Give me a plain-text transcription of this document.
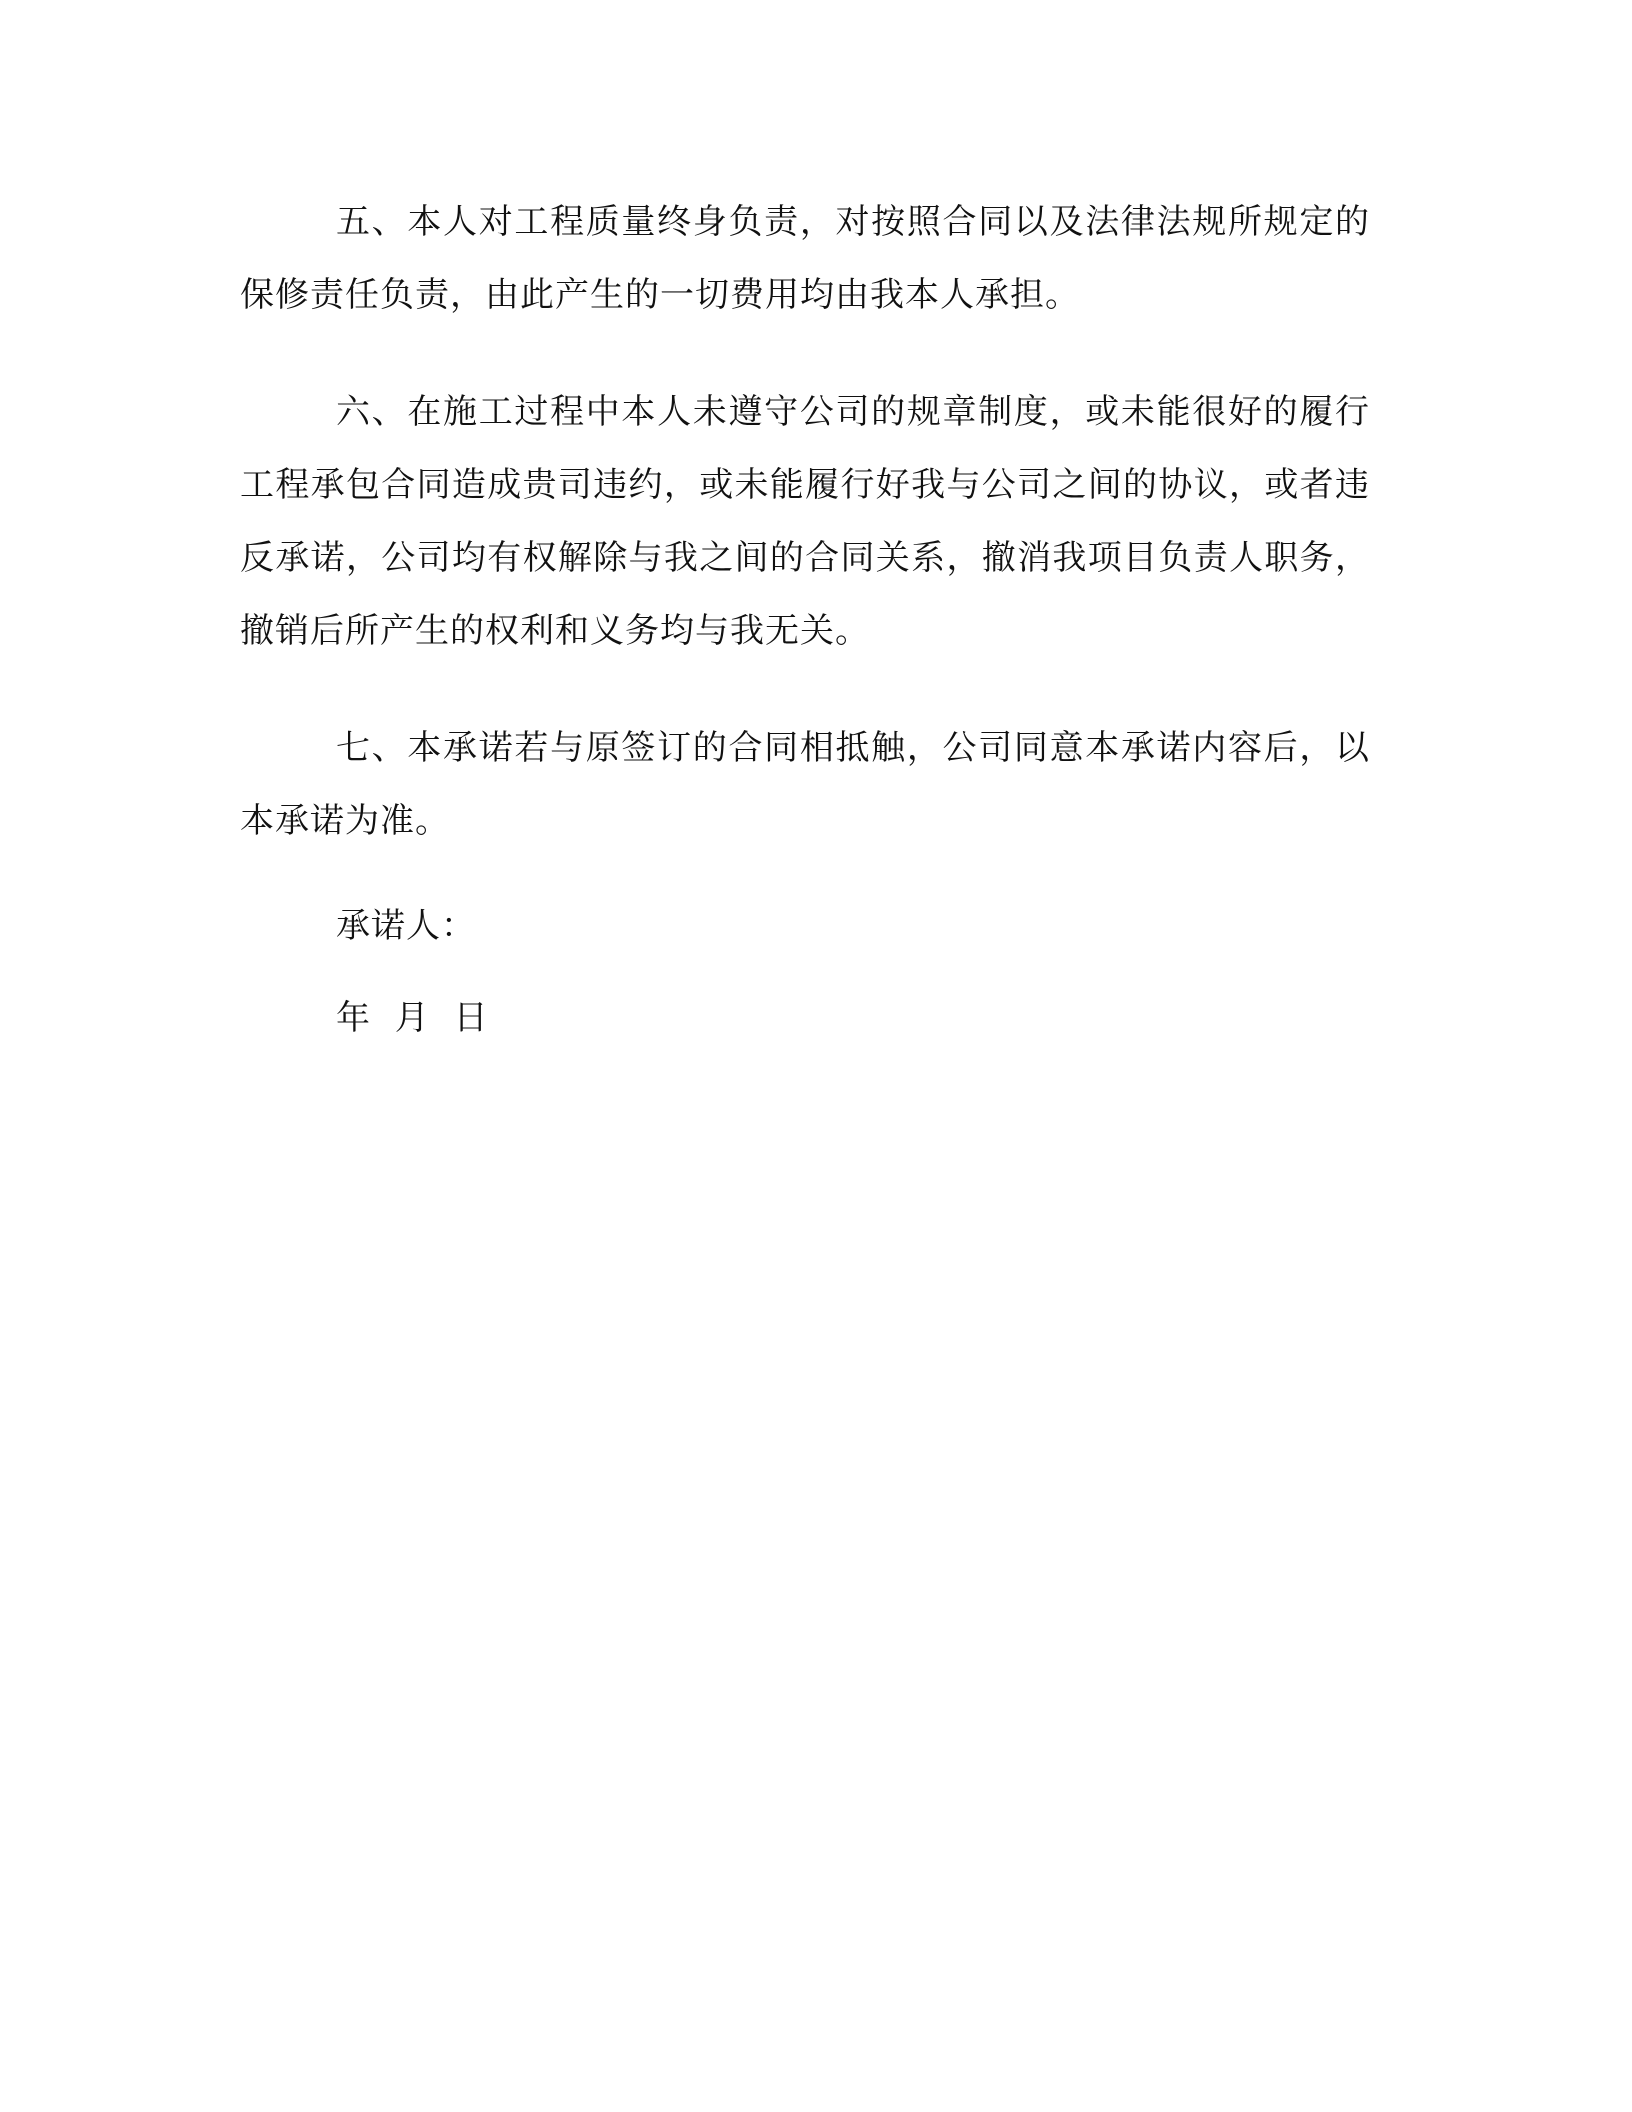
五、本人对工程质量终身负责，对按照合同以及法律法规所规定的保修责任负责，由此产生的一切费用均由我本人承担。

六、在施工过程中本人未遵守公司的规章制度，或未能很好的履行工程承包合同造成贵司违约，或未能履行好我与公司之间的协议，或者违反承诺，公司均有权解除与我之间的合同关系，撤消我项目负责人职务，撤销后所产生的权利和义务均与我无关。

七、本承诺若与原签订的合同相抵触，公司同意本承诺内容后，以本承诺为准。

承诺人：
年 月 日
